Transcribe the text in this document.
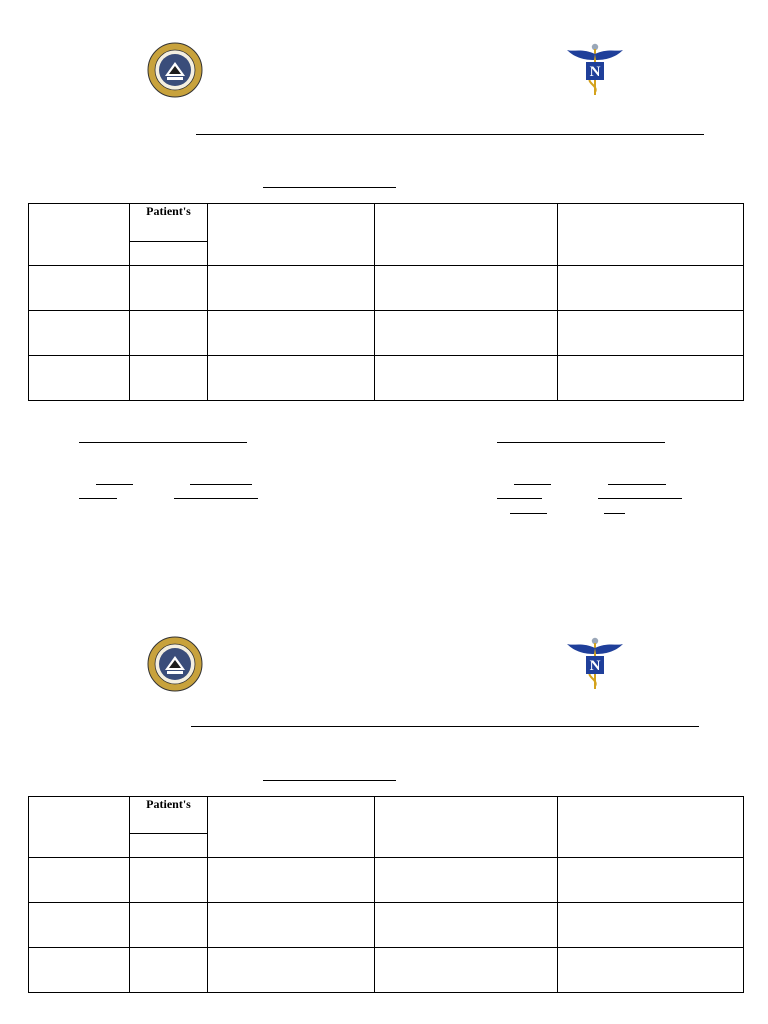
N
	Patient's			

N
	Patient's			
